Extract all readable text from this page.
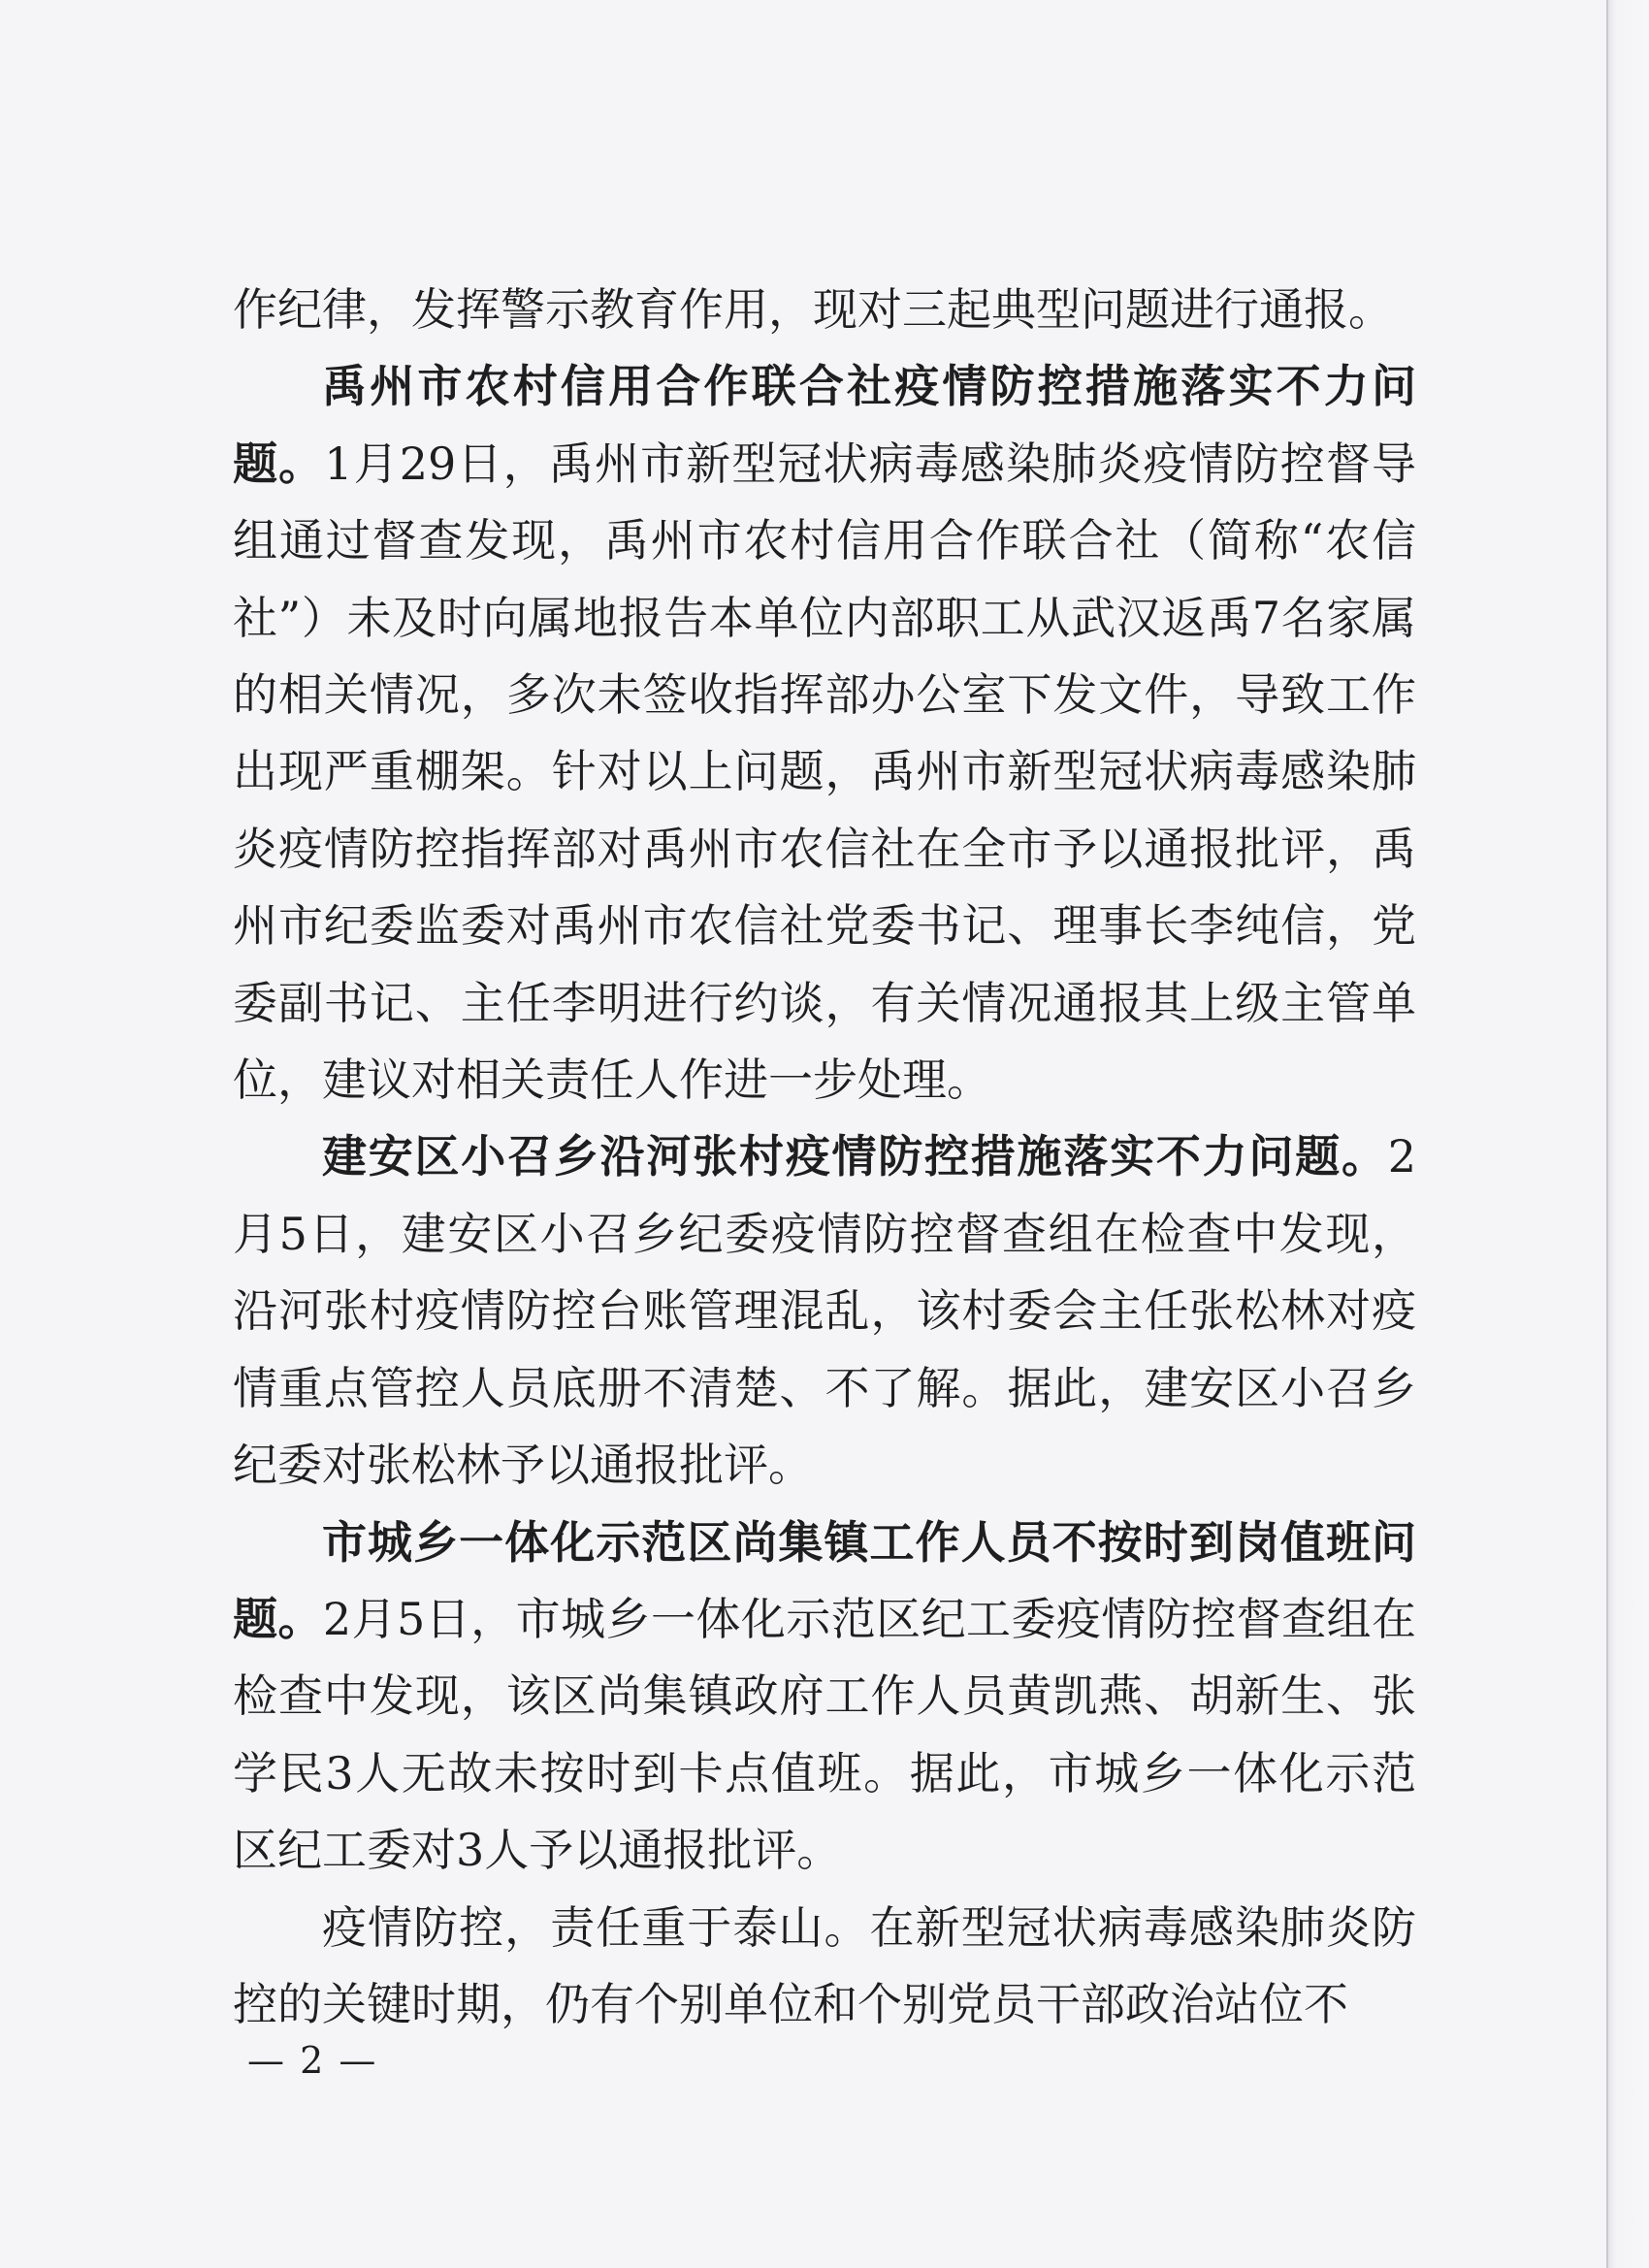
作纪律，发挥警示教育作用，现对三起典型问题进行通报。

禹州市农村信用合作联合社疫情防控措施落实不力问题。1月29日，禹州市新型冠状病毒感染肺炎疫情防控督导组通过督查发现，禹州市农村信用合作联合社（简称“农信社”）未及时向属地报告本单位内部职工从武汉返禹7名家属的相关情况，多次未签收指挥部办公室下发文件，导致工作出现严重棚架。针对以上问题，禹州市新型冠状病毒感染肺炎疫情防控指挥部对禹州市农信社在全市予以通报批评，禹州市纪委监委对禹州市农信社党委书记、理事长李纯信，党委副书记、主任李明进行约谈，有关情况通报其上级主管单位，建议对相关责任人作进一步处理。

建安区小召乡沿河张村疫情防控措施落实不力问题。2月5日，建安区小召乡纪委疫情防控督查组在检查中发现，沿河张村疫情防控台账管理混乱，该村委会主任张松林对疫情重点管控人员底册不清楚、不了解。据此，建安区小召乡纪委对张松林予以通报批评。

市城乡一体化示范区尚集镇工作人员不按时到岗值班问题。2月5日，市城乡一体化示范区纪工委疫情防控督查组在检查中发现，该区尚集镇政府工作人员黄凯燕、胡新生、张学民3人无故未按时到卡点值班。据此，市城乡一体化示范区纪工委对3人予以通报批评。

疫情防控，责任重于泰山。在新型冠状病毒感染肺炎防控的关键时期，仍有个别单位和个别党员干部政治站位不

— 2 —
